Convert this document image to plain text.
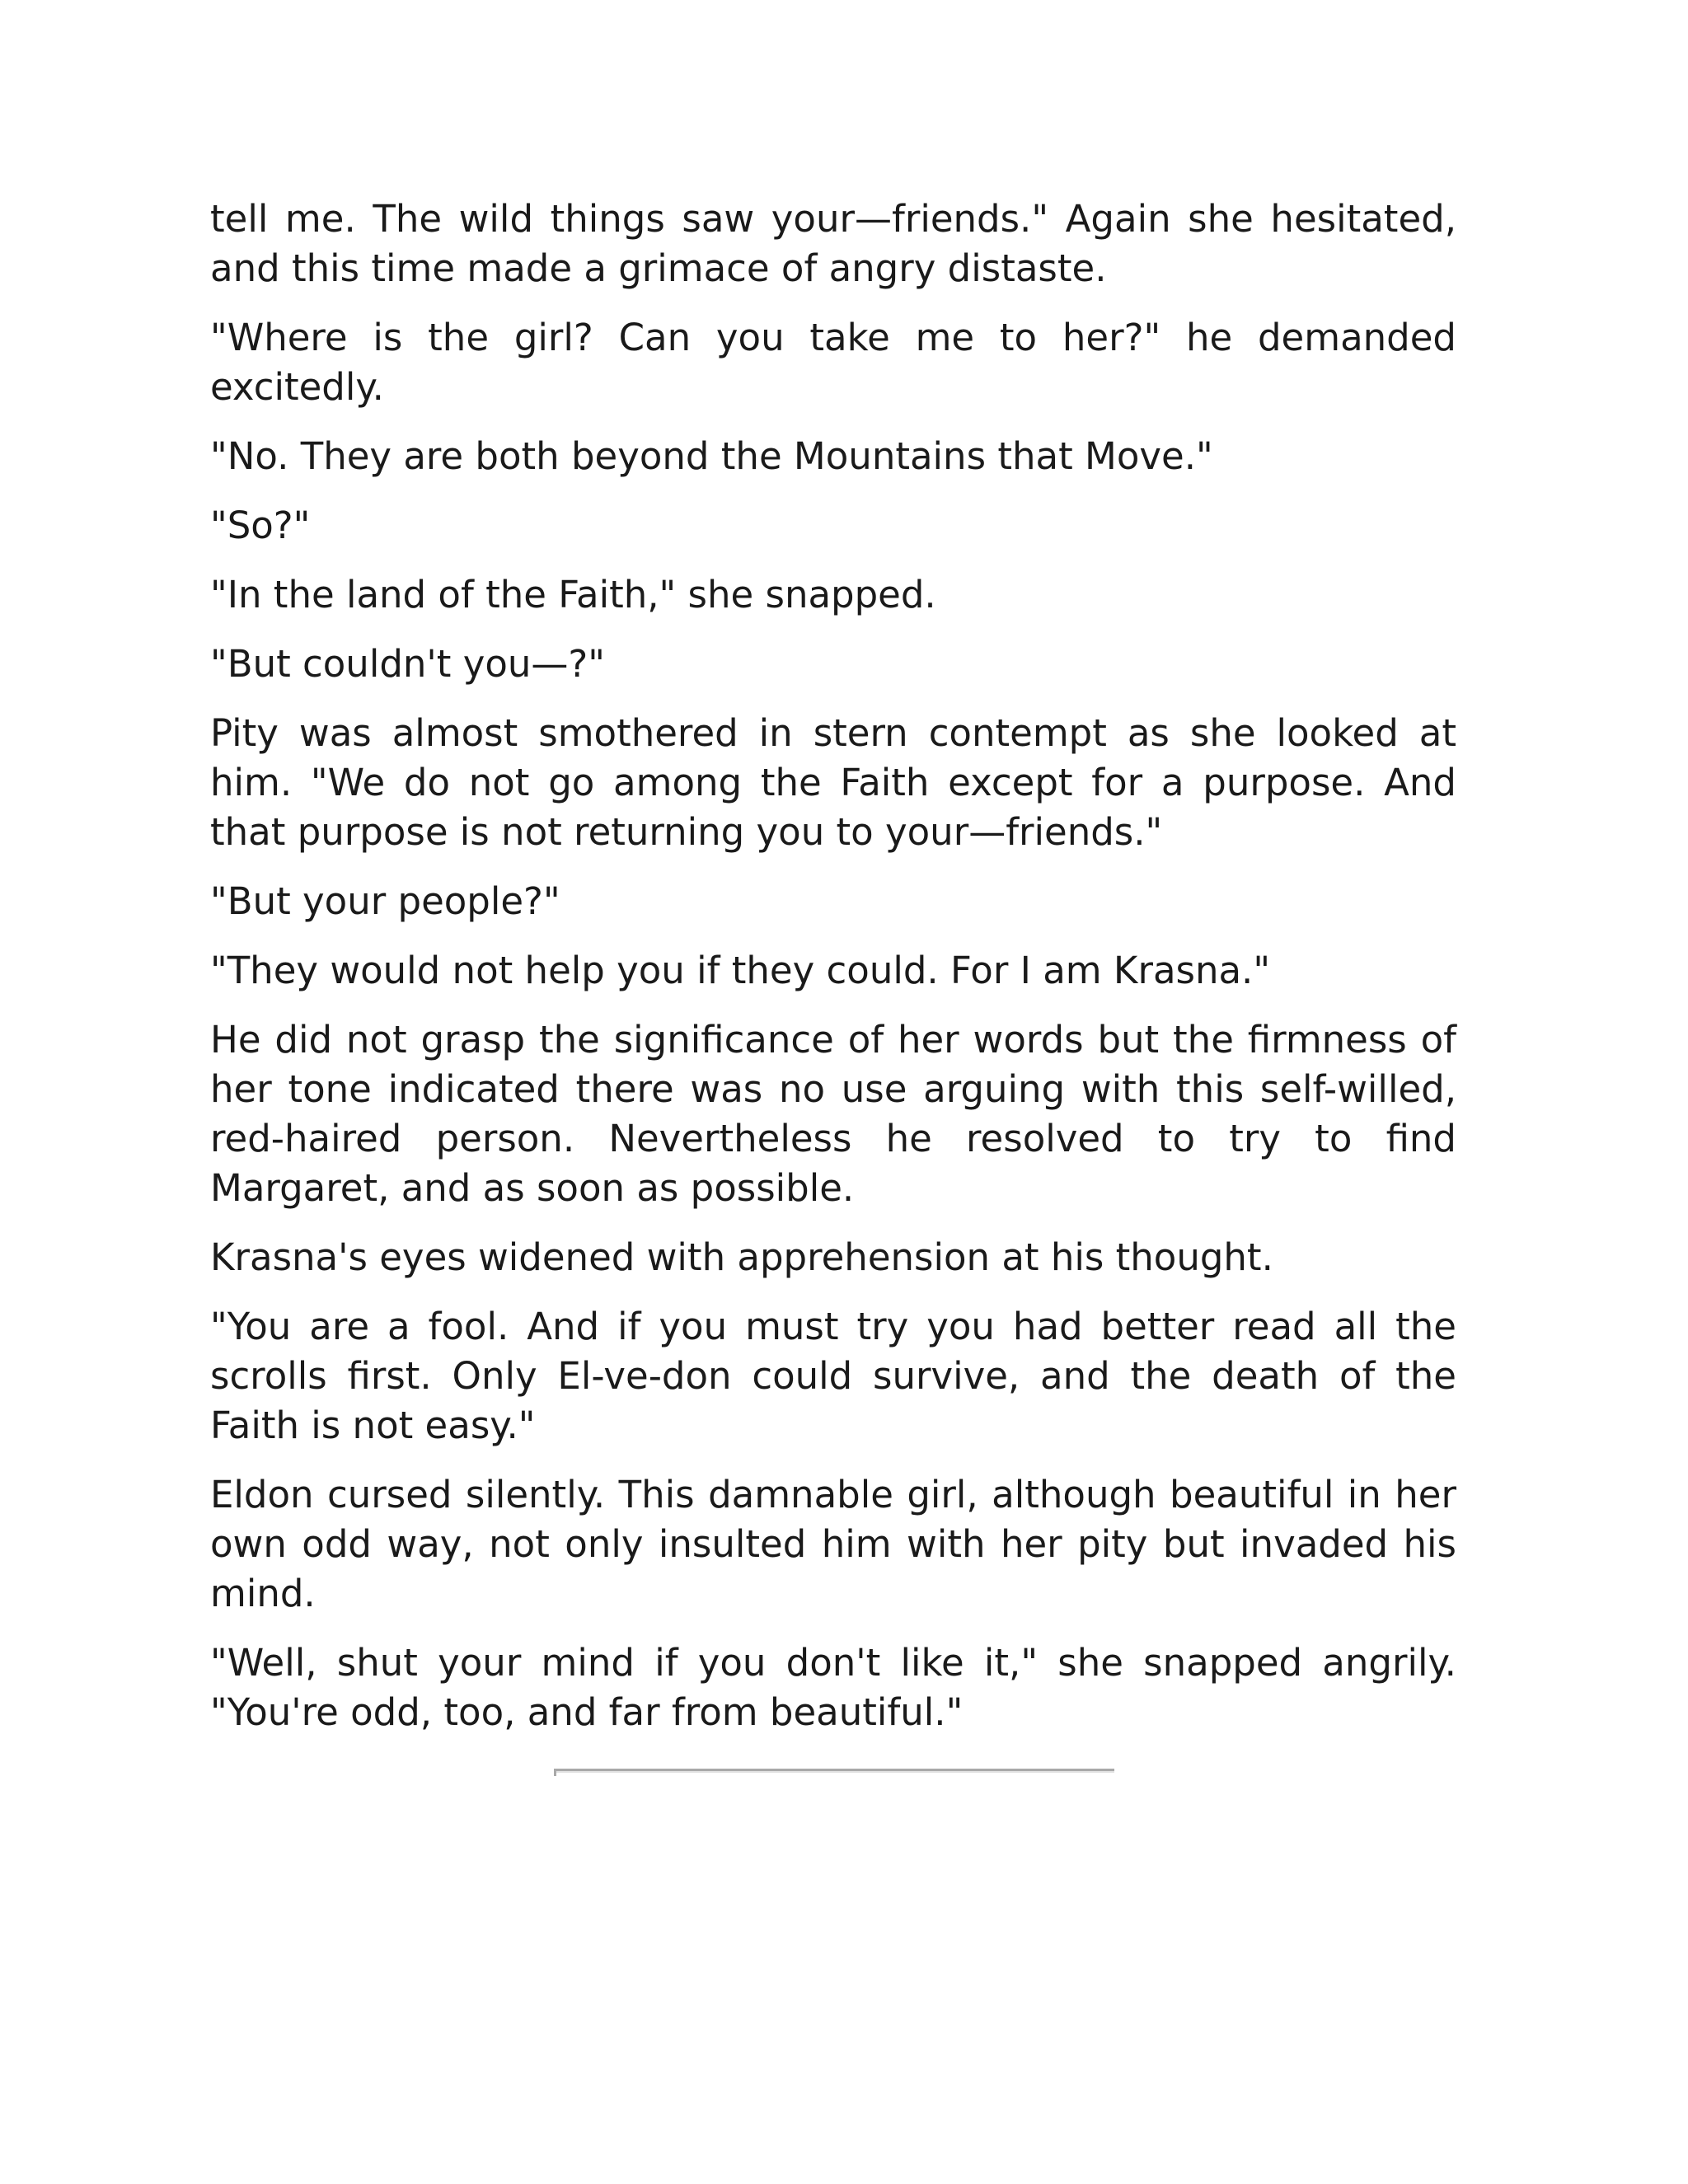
tell me. The wild things saw your—friends." Again she hesitated, and this time made a grimace of angry distaste.

"Where is the girl? Can you take me to her?" he demanded excitedly.

"No. They are both beyond the Mountains that Move."

"So?"

"In the land of the Faith," she snapped.

"But couldn't you—?"

Pity was almost smothered in stern contempt as she looked at him. "We do not go among the Faith except for a purpose. And that purpose is not returning you to your—friends."

"But your people?"

"They would not help you if they could. For I am Krasna."

He did not grasp the significance of her words but the firmness of her tone indicated there was no use arguing with this self-willed, red-haired person. Nevertheless he resolved to try to find Margaret, and as soon as possible.

Krasna's eyes widened with apprehension at his thought.

"You are a fool. And if you must try you had better read all the scrolls first. Only El-ve-don could survive, and the death of the Faith is not easy."

Eldon cursed silently. This damnable girl, although beautiful in her own odd way, not only insulted him with her pity but invaded his mind.

"Well, shut your mind if you don't like it," she snapped angrily. "You're odd, too, and far from beautiful."
